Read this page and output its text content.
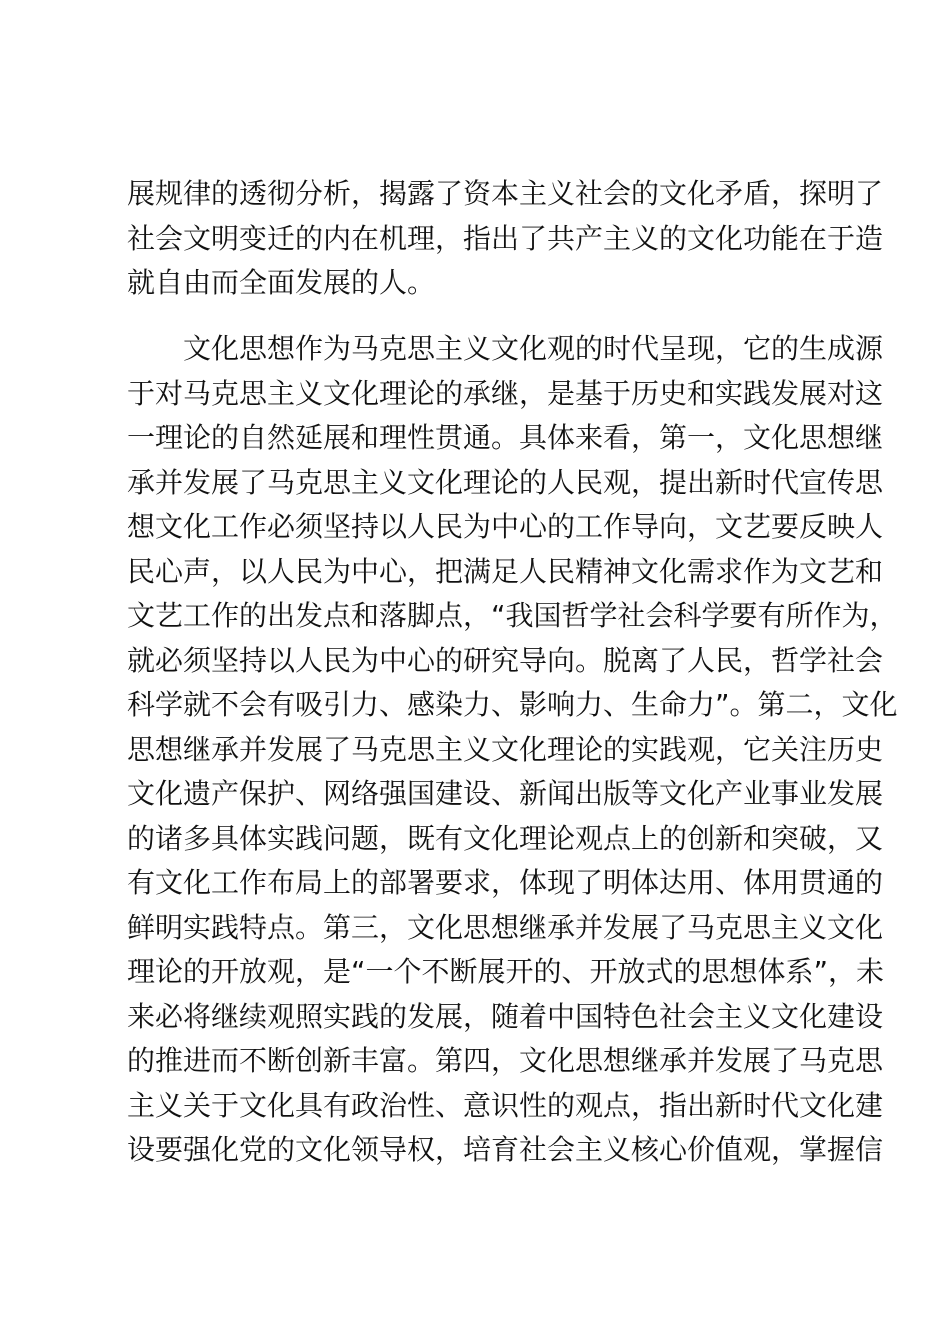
展规律的透彻分析，揭露了资本主义社会的文化矛盾，探明了
社会文明变迁的内在机理，指出了共产主义的文化功能在于造
就自由而全面发展的人。
文化思想作为马克思主义文化观的时代呈现，它的生成源
于对马克思主义文化理论的承继，是基于历史和实践发展对这
一理论的自然延展和理性贯通。具体来看，第一，文化思想继
承并发展了马克思主义文化理论的人民观，提出新时代宣传思
想文化工作必须坚持以人民为中心的工作导向，文艺要反映人
民心声，以人民为中心，把满足人民精神文化需求作为文艺和
文艺工作的出发点和落脚点，“我国哲学社会科学要有所作为，
就必须坚持以人民为中心的研究导向。脱离了人民，哲学社会
科学就不会有吸引力、感染力、影响力、生命力”。第二，文化
思想继承并发展了马克思主义文化理论的实践观，它关注历史
文化遗产保护、网络强国建设、新闻出版等文化产业事业发展
的诸多具体实践问题，既有文化理论观点上的创新和突破，又
有文化工作布局上的部署要求，体现了明体达用、体用贯通的
鲜明实践特点。第三，文化思想继承并发展了马克思主义文化
理论的开放观，是“一个不断展开的、开放式的思想体系”，未
来必将继续观照实践的发展，随着中国特色社会主义文化建设
的推进而不断创新丰富。第四，文化思想继承并发展了马克思
主义关于文化具有政治性、意识性的观点，指出新时代文化建
设要强化党的文化领导权，培育社会主义核心价值观，掌握信
